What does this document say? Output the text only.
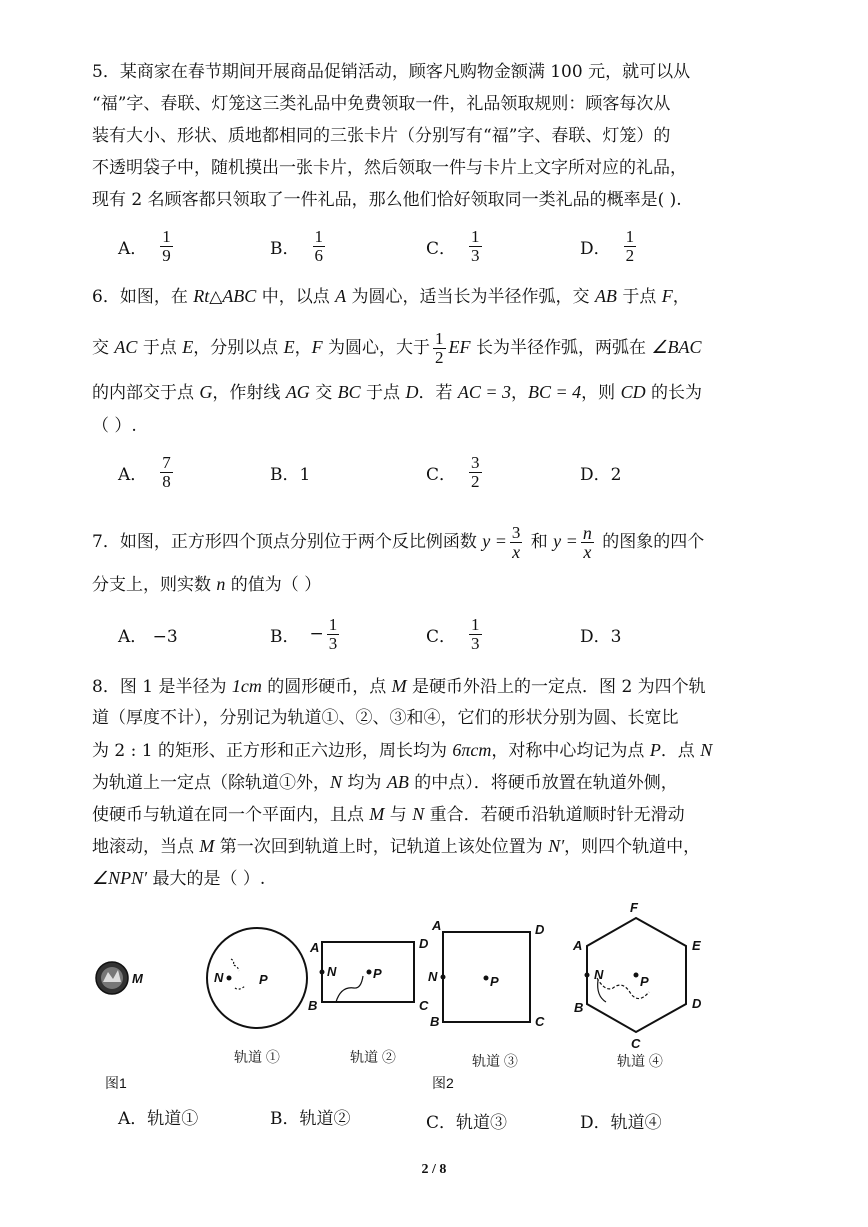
5．某商家在春节期间开展商品促销活动，顾客凡购物金额满 100 元，就可以从
“福”字、春联、灯笼这三类礼品中免费领取一件，礼品领取规则：顾客每次从
装有大小、形状、质地都相同的三张卡片（分别写有“福”字、春联、灯笼）的
不透明袋子中，随机摸出一张卡片，然后领取一件与卡片上文字所对应的礼品，
现有 2 名顾客都只领取了一件礼品，那么他们恰好领取同一类礼品的概率是( ).
A． $\frac{1}{9}$	B． $\frac{1}{6}$	C． $\frac{1}{3}$	D． $\frac{1}{2}$
6．如图，在 Rt△ABC 中，以点 A 为圆心，适当长为半径作弧，交 AB 于点 F，
交 AC 于点 E，分别以点 E，F 为圆心，大于 $\frac{1}{2}$ EF 长为半径作弧，两弧在 ∠BAC
的内部交于点 G，作射线 AG 交 BC 于点 D．若 AC = 3，BC = 4，则 CD 的长为
（ ）.
A． $\frac{7}{8}$	B．1	C． $\frac{3}{2}$	D．2
7．如图，正方形四个顶点分别位于两个反比例函数 $y = \frac{3}{x}$ 和 $y = \frac{n}{x}$ 的图象的四个
分支上，则实数 n 的值为（ ）
A． −3	B． − $\frac{1}{3}$	C． $\frac{1}{3}$	D．3
8．图 1 是半径为 1cm 的圆形硬币，点 M 是硬币外沿上的一定点．图 2 为四个轨
道（厚度不计），分别记为轨道①、②、③和④，它们的形状分别为圆、长宽比
为 2 : 1 的矩形、正方形和正六边形，周长均为 6πcm，对称中心均记为点 P．点 N
为轨道上一定点（除轨道①外，N 均为 AB 的中点）．将硬币放置在轨道外侧，
使硬币与轨道在同一个平面内，且点 M 与 N 重合．若硬币沿轨道顺时针无滑动
地滚动，当点 M 第一次回到轨道上时，记轨道上该处位置为 N′，则四个轨道中，
∠NPN′ 最大的是（ ）.
M
图1
N	P
轨道 ①
A	D
B	C
N	P
轨道 ②
A	D
B	C
N	P
轨道 ③
F
E
D
C
B
A
N	P
轨道 ④
图2
A．轨道①	B．轨道②	C．轨道③	D．轨道④
2 / 8
